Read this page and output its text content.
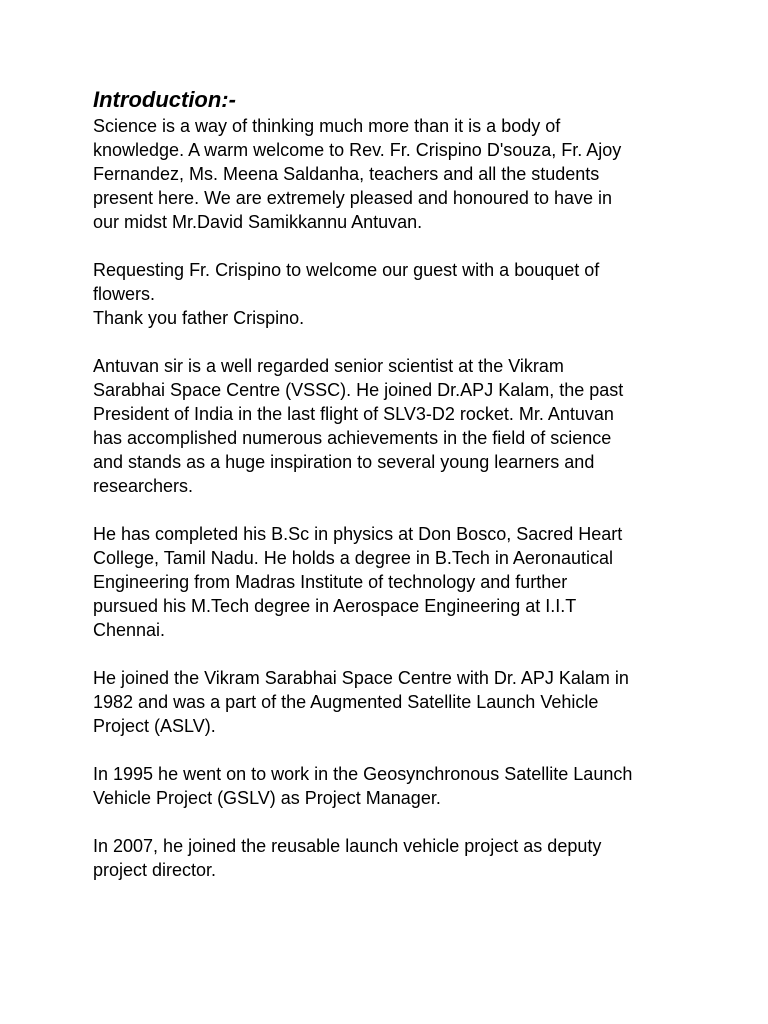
Introduction:-
Science is a way of thinking much more than it is a body of
knowledge. A warm welcome to Rev. Fr. Crispino D'souza, Fr. Ajoy
Fernandez, Ms. Meena Saldanha, teachers and all the students
present here. We are extremely pleased and honoured to have in
our midst Mr.David Samikkannu Antuvan.
Requesting Fr. Crispino to welcome our guest with a bouquet of
flowers.
Thank you father Crispino.
Antuvan sir is a well regarded senior scientist at the Vikram
Sarabhai Space Centre (VSSC). He joined Dr.APJ Kalam, the past
President of India in the last flight of SLV3-D2 rocket. Mr. Antuvan
has accomplished numerous achievements in the field of science
and stands as a huge inspiration to several young learners and
researchers.
He has completed his B.Sc in physics at Don Bosco, Sacred Heart
College, Tamil Nadu. He holds a degree in B.Tech in Aeronautical
Engineering from Madras Institute of technology and further
pursued his M.Tech degree in Aerospace Engineering at I.I.T
Chennai.
He joined the Vikram Sarabhai Space Centre with Dr. APJ Kalam in
1982 and was a part of the Augmented Satellite Launch Vehicle
Project (ASLV).
In 1995 he went on to work in the Geosynchronous Satellite Launch
Vehicle Project (GSLV) as Project Manager.
In 2007, he joined the reusable launch vehicle project as deputy
project director.
